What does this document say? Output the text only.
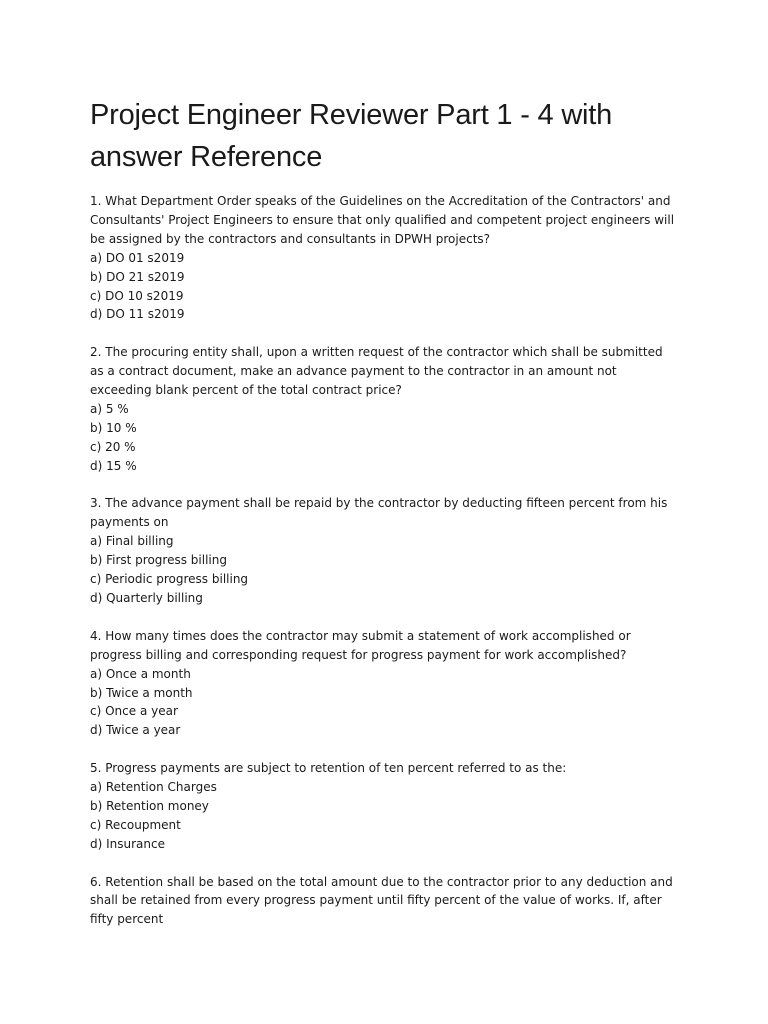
Project Engineer Reviewer Part 1 - 4 with answer Reference

1. What Department Order speaks of the Guidelines on the Accreditation of the Contractors' and Consultants' Project Engineers to ensure that only qualified and competent project engineers will be assigned by the contractors and consultants in DPWH projects?

a) DO 01 s2019
b) DO 21 s2019
c) DO 10 s2019
d) DO 11 s2019

2. The procuring entity shall, upon a written request of the contractor which shall be submitted as a contract document, make an advance payment to the contractor in an amount not exceeding blank percent of the total contract price?

a) 5 %
b) 10 %
c) 20 %
d) 15 %

3. The advance payment shall be repaid by the contractor by deducting fifteen percent from his payments on

a) Final billing
b) First progress billing
c) Periodic progress billing
d) Quarterly billing

4. How many times does the contractor may submit a statement of work accomplished or progress billing and corresponding request for progress payment for work accomplished?

a) Once a month
b) Twice a month
c) Once a year
d) Twice a year

5. Progress payments are subject to retention of ten percent referred to as the:

a) Retention Charges
b) Retention money
c) Recoupment
d) Insurance

6. Retention shall be based on the total amount due to the contractor prior to any deduction and shall be retained from every progress payment until fifty percent of the value of works. If, after fifty percent
